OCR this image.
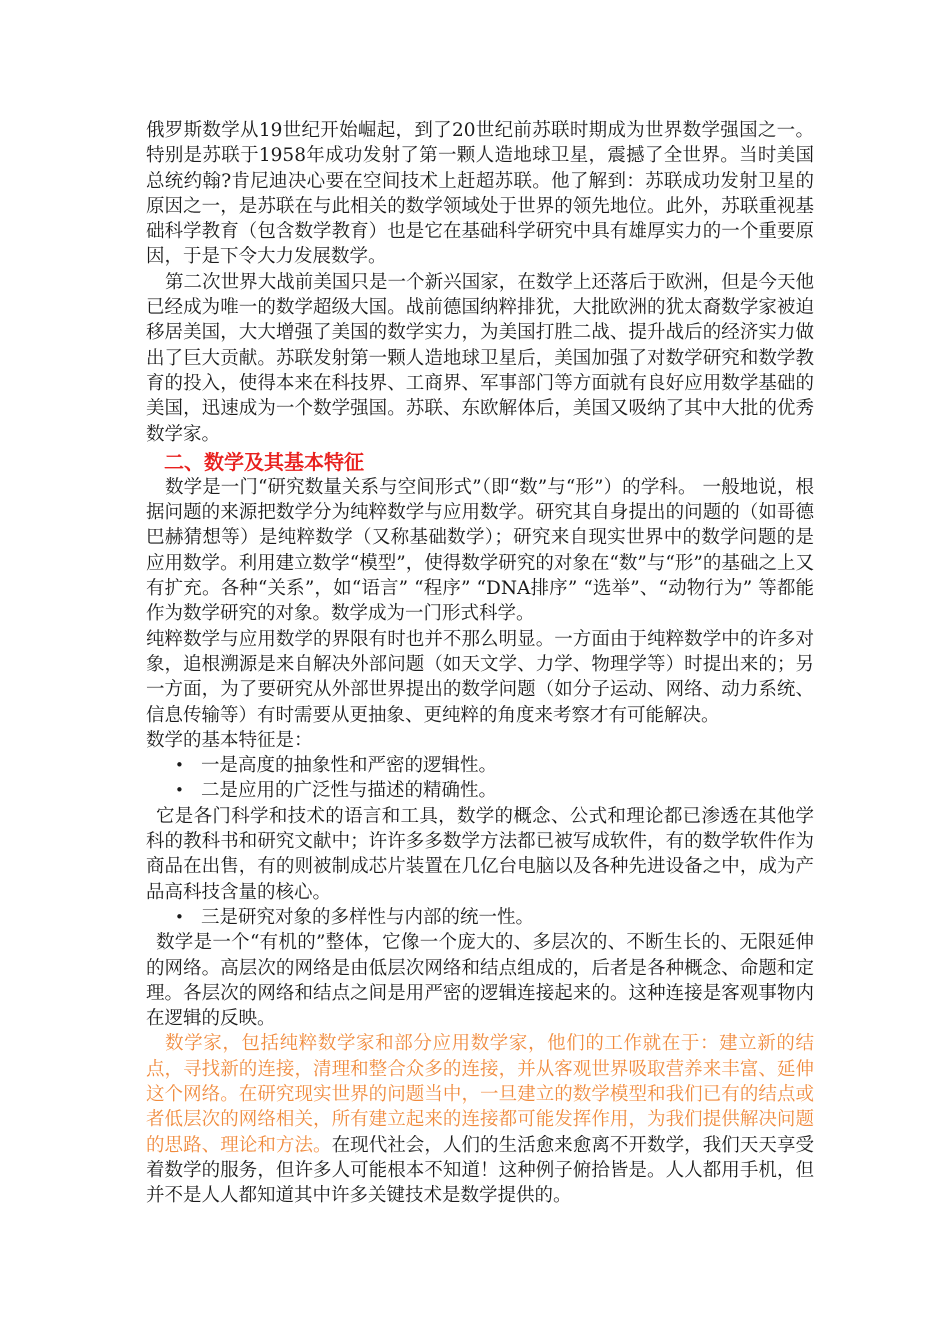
俄罗斯数学从19世纪开始崛起，到了20世纪前苏联时期成为世界数学强国之一。特别是苏联于1958年成功发射了第一颗人造地球卫星，震撼了全世界。当时美国总统约翰?肯尼迪决心要在空间技术上赶超苏联。他了解到：苏联成功发射卫星的原因之一，是苏联在与此相关的数学领域处于世界的领先地位。此外，苏联重视基础科学教育（包含数学教育）也是它在基础科学研究中具有雄厚实力的一个重要原因，于是下令大力发展数学。

第二次世界大战前美国只是一个新兴国家，在数学上还落后于欧洲，但是今天他已经成为唯一的数学超级大国。战前德国纳粹排犹，大批欧洲的犹太裔数学家被迫移居美国，大大增强了美国的数学实力，为美国打胜二战、提升战后的经济实力做出了巨大贡献。苏联发射第一颗人造地球卫星后，美国加强了对数学研究和数学教育的投入，使得本来在科技界、工商界、军事部门等方面就有良好应用数学基础的美国，迅速成为一个数学强国。苏联、东欧解体后，美国又吸纳了其中大批的优秀数学家。

二、数学及其基本特征

数学是一门“研究数量关系与空间形式”（即“数”与“形”）的学科。 一般地说，根据问题的来源把数学分为纯粹数学与应用数学。研究其自身提出的问题的（如哥德巴赫猜想等）是纯粹数学（又称基础数学）；研究来自现实世界中的数学问题的是应用数学。利用建立数学“模型”，使得数学研究的对象在“数”与“形”的基础之上又有扩充。各种“关系”，如“语言” “程序” “DNA排序” “选举”、“动物行为” 等都能作为数学研究的对象。数学成为一门形式科学。

纯粹数学与应用数学的界限有时也并不那么明显。一方面由于纯粹数学中的许多对象，追根溯源是来自解决外部问题（如天文学、力学、物理学等）时提出来的；另一方面，为了要研究从外部世界提出的数学问题（如分子运动、网络、动力系统、信息传输等）有时需要从更抽象、更纯粹的角度来考察才有可能解决。

数学的基本特征是：

• 一是高度的抽象性和严密的逻辑性。
• 二是应用的广泛性与描述的精确性。

它是各门科学和技术的语言和工具，数学的概念、公式和理论都已渗透在其他学科的教科书和研究文献中；许许多多数学方法都已被写成软件，有的数学软件作为商品在出售，有的则被制成芯片装置在几亿台电脑以及各种先进设备之中，成为产品高科技含量的核心。

• 三是研究对象的多样性与内部的统一性。

数学是一个“有机的”整体，它像一个庞大的、多层次的、不断生长的、无限延伸的网络。高层次的网络是由低层次网络和结点组成的，后者是各种概念、命题和定理。各层次的网络和结点之间是用严密的逻辑连接起来的。这种连接是客观事物内在逻辑的反映。

数学家，包括纯粹数学家和部分应用数学家，他们的工作就在于：建立新的结点，寻找新的连接，清理和整合众多的连接，并从客观世界吸取营养来丰富、延伸这个网络。在研究现实世界的问题当中，一旦建立的数学模型和我们已有的结点或者低层次的网络相关，所有建立起来的连接都可能发挥作用，为我们提供解决问题的思路、理论和方法。在现代社会，人们的生活愈来愈离不开数学，我们天天享受着数学的服务，但许多人可能根本不知道！这种例子俯拾皆是。人人都用手机，但并不是人人都知道其中许多关键技术是数学提供的。
